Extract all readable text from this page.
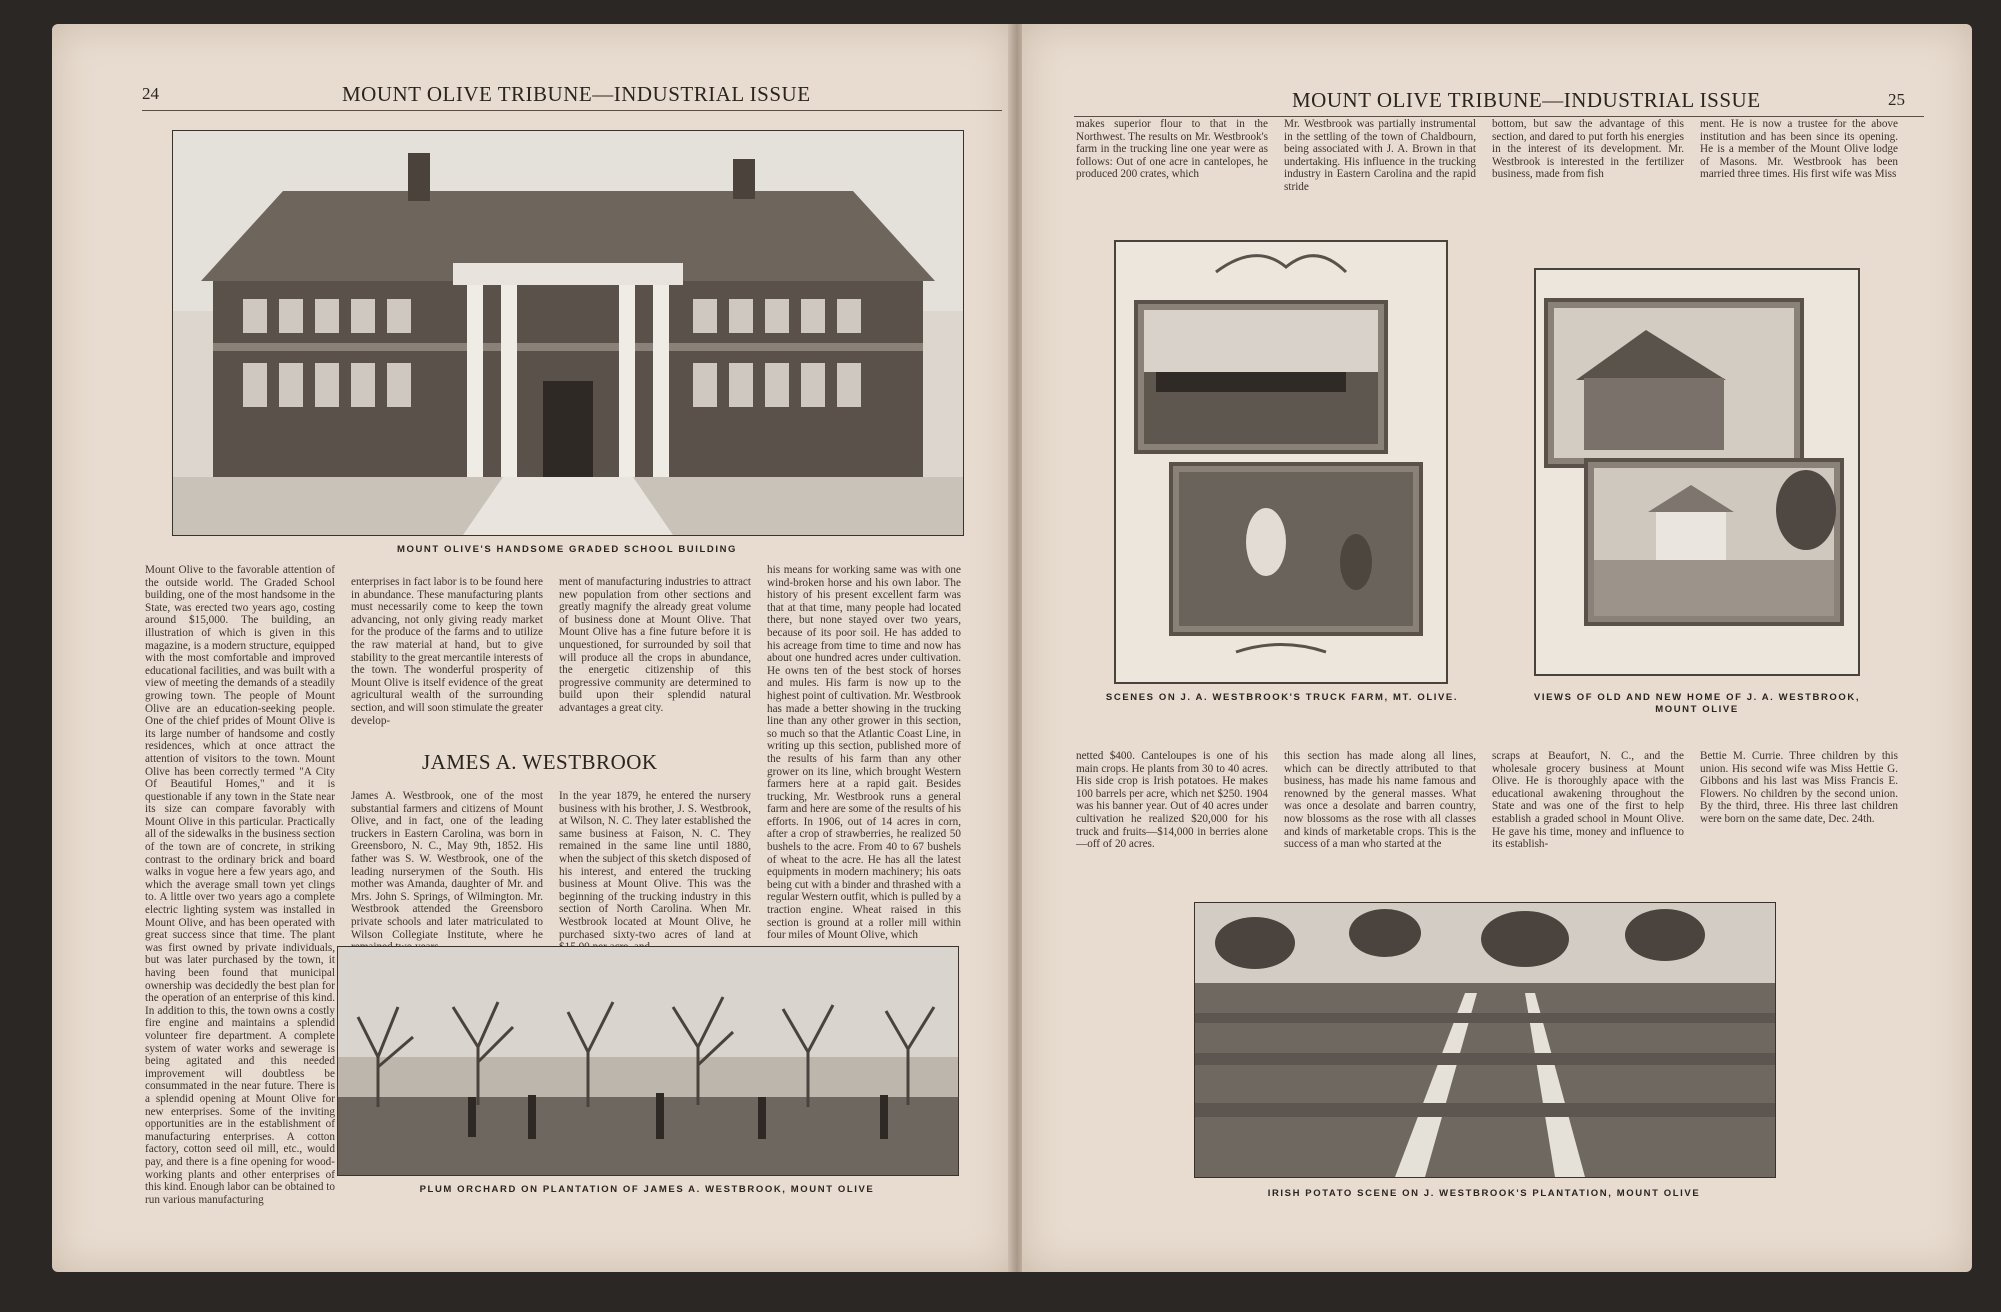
24	MOUNT OLIVE TRIBUNE—INDUSTRIAL ISSUE
MOUNT OLIVE'S HANDSOME GRADED SCHOOL BUILDING
Mount Olive to the favorable attention of the outside world. The Graded School building, one of the most handsome in the State, was erected two years ago, costing around $15,000. The building, an illustration of which is given in this magazine, is a modern structure, equipped with the most comfortable and improved educational facilities, and was built with a view of meeting the demands of a steadily growing town. The people of Mount Olive are an education-seeking people. One of the chief prides of Mount Olive is its large number of handsome and costly residences, which at once attract the attention of visitors to the town. Mount Olive has been correctly termed "A City Of Beautiful Homes," and it is questionable if any town in the State near its size can compare favorably with Mount Olive in this particular. Practically all of the sidewalks in the business section of the town are of concrete, in striking contrast to the ordinary brick and board walks in vogue here a few years ago, and which the average small town yet clings to. A little over two years ago a complete electric lighting system was installed in Mount Olive, and has been operated with great success since that time. The plant was first owned by private individuals, but was later purchased by the town, it having been found that municipal ownership was decidedly the best plan for the operation of an enterprise of this kind. In addition to this, the town owns a costly fire engine and maintains a splendid volunteer fire department. A complete system of water works and sewerage is being agitated and this needed improvement will doubtless be consummated in the near future. There is a splendid opening at Mount Olive for new enterprises. Some of the inviting opportunities are in the establishment of manufacturing enterprises. A cotton factory, cotton seed oil mill, etc., would pay, and there is a fine opening for wood-working plants and other enterprises of this kind. Enough labor can be obtained to run various manufacturing
enterprises in fact labor is to be found here in abundance. These manufacturing plants must necessarily come to keep the town advancing, not only giving ready market for the produce of the farms and to utilize the raw material at hand, but to give stability to the great mercantile interests of the town. The wonderful prosperity of Mount Olive is itself evidence of the great agricultural wealth of the surrounding section, and will soon stimulate the greater develop-
ment of manufacturing industries to attract new population from other sections and greatly magnify the already great volume of business done at Mount Olive. That Mount Olive has a fine future before it is unquestioned, for surrounded by soil that will produce all the crops in abundance, the energetic citizenship of this progressive community are determined to build upon their splendid natural advantages a great city.
JAMES A. WESTBROOK
James A. Westbrook, one of the most substantial farmers and citizens of Mount Olive, and in fact, one of the leading truckers in Eastern Carolina, was born in Greensboro, N. C., May 9th, 1852. His father was S. W. Westbrook, one of the leading nurserymen of the South. His mother was Amanda, daughter of Mr. and Mrs. John S. Springs, of Wilmington. Mr. Westbrook attended the Greensboro private schools and later matriculated to Wilson Collegiate Institute, where he
In the year 1879, he entered the nursery business with his brother, J. S. Westbrook, at Wilson, N. C. They later established the same business at Faison, N. C. They remained in the same line until 1880, when the subject of this sketch disposed of his interest, and entered the trucking business at Mount Olive. This was the beginning of the trucking industry in this section of North Carolina. When Mr. Westbrook located at Mount Olive, he purchased sixty-two acres of land at
his means for working same was with one wind-broken horse and his own labor. The history of his present excellent farm was that at that time, many people had located there, but none stayed over two years, because of its poor soil. He has added to his acreage from time to time and now has about one hundred acres under cultivation. He owns ten of the best stock of horses and mules. His farm is now up to the highest point of cultivation. Mr. Westbrook has made a better showing in the trucking line than any other grower in this section, so much so that the Atlantic Coast Line, in writing up this section, published more of the results of his farm than any other grower on its line, which brought Western farmers here at a rapid gait. Besides trucking, Mr. Westbrook runs a general farm and here are some of the results of his efforts. In 1906, out of 14 acres in corn, after a crop of strawberries, he realized 50 bushels to the acre. From 40 to 67 bushels of wheat to the acre. He has all the latest equipments in modern machinery; his oats being cut with a binder and thrashed with a regular Western outfit, which is pulled by a traction engine. Wheat raised in this section is ground at a roller mill within four miles of Mount Olive, which
PLUM ORCHARD ON PLANTATION OF JAMES A. WESTBROOK, MOUNT OLIVE
MOUNT OLIVE TRIBUNE—INDUSTRIAL ISSUE	25
makes superior flour to that in the Northwest. The results on Mr. Westbrook's farm in the trucking line one year were as follows: Out of one acre in cantelopes, he produced 200 crates, which
Mr. Westbrook was partially instrumental in the settling of the town of Chaldbourn, being associated with J. A. Brown in that undertaking. His influence in the trucking industry in Eastern Carolina and the rapid stride
bottom, but saw the advantage of this section, and dared to put forth his energies in the interest of its development. Mr. Westbrook is interested in the fertilizer business, made from fish
ment. He is now a trustee for the above institution and has been since its opening. He is a member of the Mount Olive lodge of Masons. Mr. Westbrook has been married three times. His first wife was Miss
SCENES ON J. A. WESTBROOK'S TRUCK FARM, MT. OLIVE.	VIEWS OF OLD AND NEW HOME OF J. A. WESTBROOK,
MOUNT OLIVE
netted $400. Canteloupes is one of his main crops. He plants from 30 to 40 acres. His side crop is Irish potatoes. He makes 100 barrels per acre, which net $250. 1904 was his banner year. Out of 40 acres under cultivation he realized $20,000 for his truck and fruits—$14,000 in berries alone—off of 20 acres.
this section has made along all lines, which can be directly attributed to that business, has made his name famous and renowned by the general masses. What was once a desolate and barren country, now blossoms as the rose with all classes and kinds of marketable crops. This is the success of a man who started at the
scraps at Beaufort, N. C., and the wholesale grocery business at Mount Olive. He is thoroughly apace with the educational awakening throughout the State and was one of the first to help establish a graded school in Mount Olive. He gave his time, money and influence to its establish-
Bettie M. Currie. Three children by this union. His second wife was Miss Hettie G. Gibbons and his last was Miss Francis E. Flowers. No children by the second union. By the third, three. His three last children were born on the same date, Dec. 24th.
IRISH POTATO SCENE ON J. WESTBROOK'S PLANTATION, MOUNT OLIVE
